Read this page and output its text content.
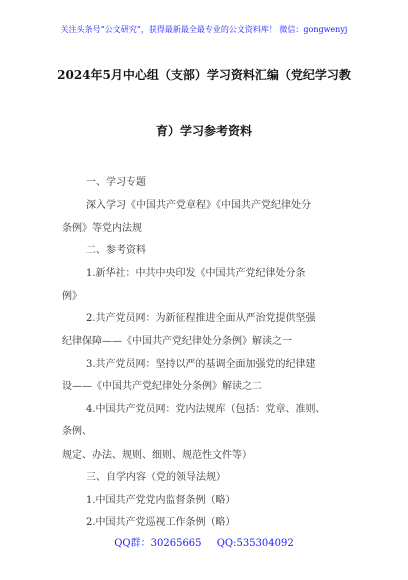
关注头条号“公文研究”，获得最新最全最专业的公文资料库！ 微信：gongwenyj
2024年5月中心组（支部）学习资料汇编（党纪学习教
育）学习参考资料
一、学习专题
深入学习《中国共产党章程》《中国共产党纪律处分
条例》等党内法规
二、参考资料
1.新华社：中共中央印发《中国共产党纪律处分条
例》
2.共产党员网：为新征程推进全面从严治党提供坚强
纪律保障——《中国共产党纪律处分条例》解读之一
3.共产党员网：坚持以严的基调全面加强党的纪律建
设——《中国共产党纪律处分条例》解读之二
4.中国共产党员网：党内法规库（包括：党章、准则、
条例、
规定、办法、规则、细则、规范性文件等）
三、自学内容（党的领导法规）
1.中国共产党党内监督条例（略）
2.中国共产党巡视工作条例（略）
QQ群：30265665 QQ:535304092
